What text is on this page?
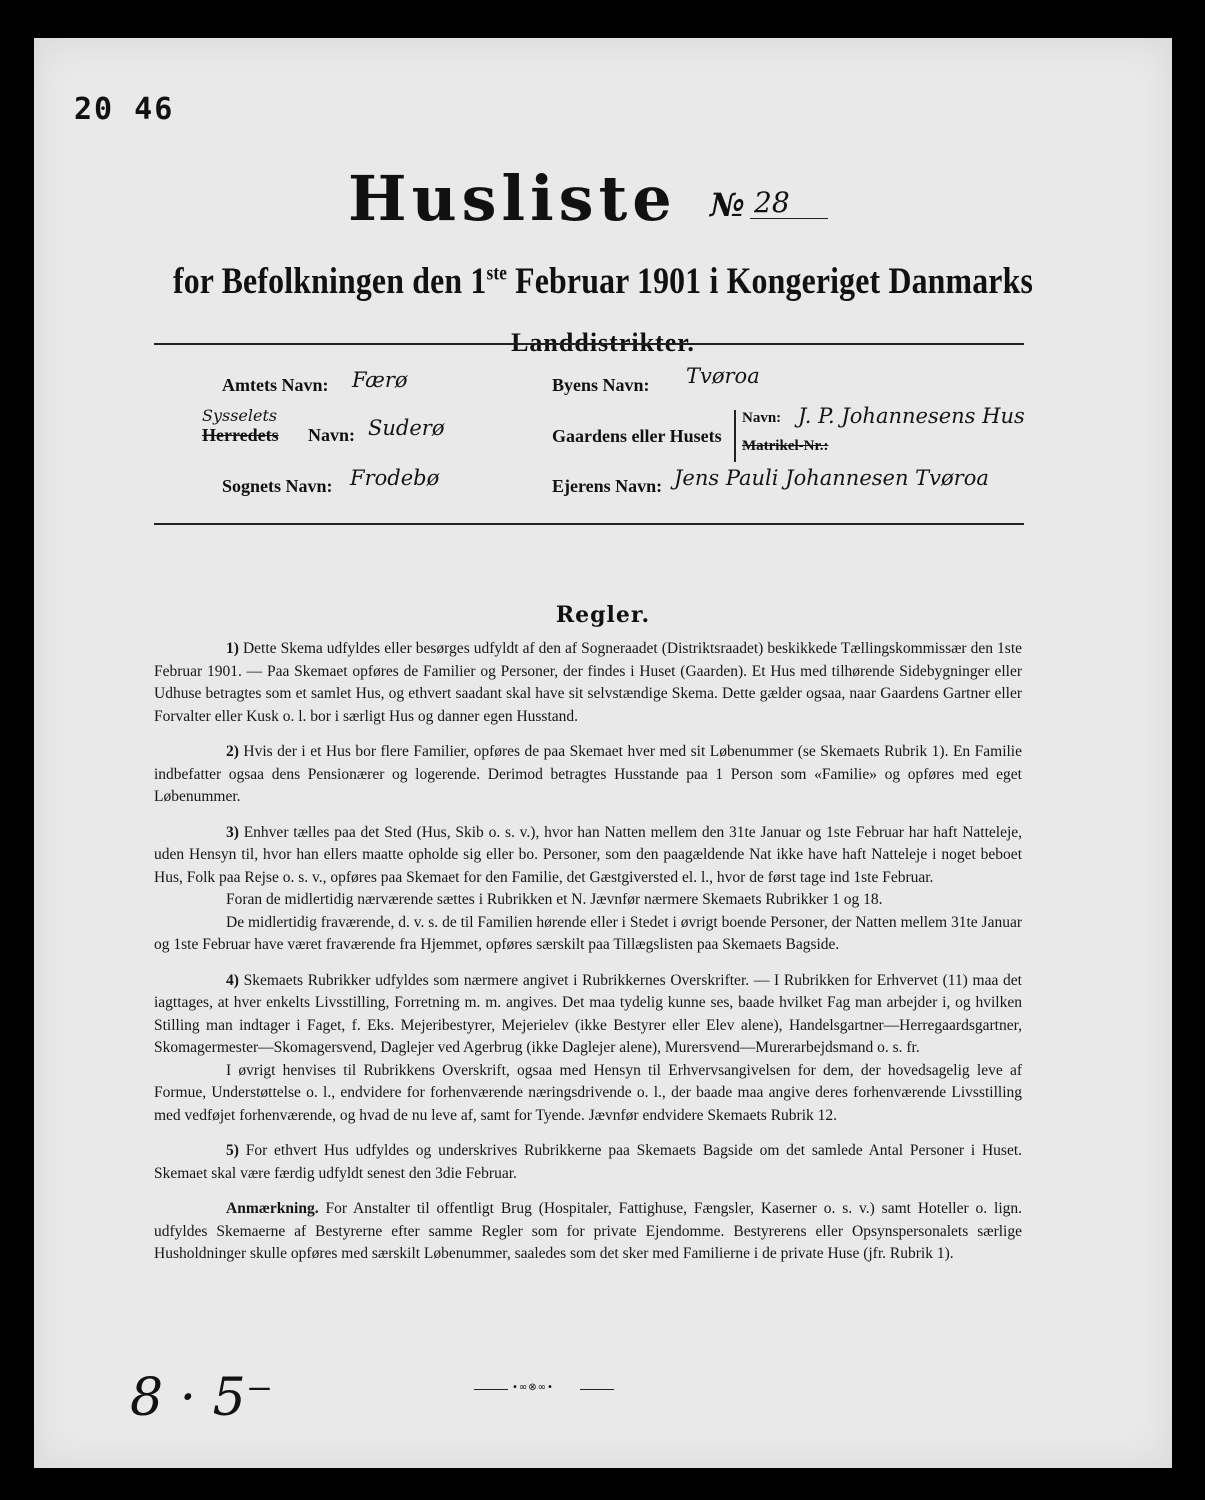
20 46
Husliste № 28
for Befolkningen den 1ste Februar 1901 i Kongeriget Danmarks
Landdistrikter.
Amtets Navn: Færø
Sysselets
Herredets Navn: Suderø
Sognets Navn: Frodebø
Byens Navn: Tvøroa
Gaardens eller Husets
Navn: J. P. Johannesens Hus
Matrikel-Nr.:
Ejerens Navn: Jens Pauli Johannesen Tvøroa
Regler.

1) Dette Skema udfyldes eller besørges udfyldt af den af Sogneraadet (Distriktsraadet) beskikkede Tællingskommissær den 1ste Februar 1901. — Paa Skemaet opføres de Familier og Personer, der findes i Huset (Gaarden). Et Hus med tilhørende Sidebygninger eller Udhuse betragtes som et samlet Hus, og ethvert saadant skal have sit selvstændige Skema. Dette gælder ogsaa, naar Gaardens Gartner eller Forvalter eller Kusk o. l. bor i særligt Hus og danner egen Husstand.

2) Hvis der i et Hus bor flere Familier, opføres de paa Skemaet hver med sit Løbenummer (se Skemaets Rubrik 1). En Familie indbefatter ogsaa dens Pensionærer og logerende. Derimod betragtes Husstande paa 1 Person som «Familie» og opføres med eget Løbenummer.

3) Enhver tælles paa det Sted (Hus, Skib o. s. v.), hvor han Natten mellem den 31te Januar og 1ste Februar har haft Natteleje, uden Hensyn til, hvor han ellers maatte opholde sig eller bo. Personer, som den paagældende Nat ikke have haft Natteleje i noget beboet Hus, Folk paa Rejse o. s. v., opføres paa Skemaet for den Familie, det Gæstgiversted el. l., hvor de først tage ind 1ste Februar.

Foran de midlertidig nærværende sættes i Rubrikken et N. Jævnfør nærmere Skemaets Rubrikker 1 og 18.

De midlertidig fraværende, d. v. s. de til Familien hørende eller i Stedet i øvrigt boende Personer, der Natten mellem 31te Januar og 1ste Februar have været fraværende fra Hjemmet, opføres særskilt paa Tillægslisten paa Skemaets Bagside.

4) Skemaets Rubrikker udfyldes som nærmere angivet i Rubrikkernes Overskrifter. — I Rubrikken for Erhvervet (11) maa det iagttages, at hver enkelts Livsstilling, Forretning m. m. angives. Det maa tydelig kunne ses, baade hvilket Fag man arbejder i, og hvilken Stilling man indtager i Faget, f. Eks. Mejeribestyrer, Mejerielev (ikke Bestyrer eller Elev alene), Handelsgartner—Herregaardsgartner, Skomagermester—Skomagersvend, Daglejer ved Agerbrug (ikke Daglejer alene), Murersvend—Murerarbejdsmand o. s. fr.

I øvrigt henvises til Rubrikkens Overskrift, ogsaa med Hensyn til Erhvervsangivelsen for dem, der hovedsagelig leve af Formue, Understøttelse o. l., endvidere for forhenværende næringsdrivende o. l., der baade maa angive deres forhenværende Livsstilling med vedføjet forhenværende, og hvad de nu leve af, samt for Tyende. Jævnfør endvidere Skemaets Rubrik 12.

5) For ethvert Hus udfyldes og underskrives Rubrikkerne paa Skemaets Bagside om det samlede Antal Personer i Huset. Skemaet skal være færdig udfyldt senest den 3die Februar.

Anmærkning. For Anstalter til offentligt Brug (Hospitaler, Fattighuse, Fængsler, Kaserner o. s. v.) samt Hoteller o. lign. udfyldes Skemaerne af Bestyrerne efter samme Regler som for private Ejendomme. Bestyrerens eller Opsynspersonalets særlige Husholdninger skulle opføres med særskilt Løbenummer, saaledes som det sker med Familierne i de private Huse (jfr. Rubrik 1).

•∞⊗∞•
8 · 5⁻
